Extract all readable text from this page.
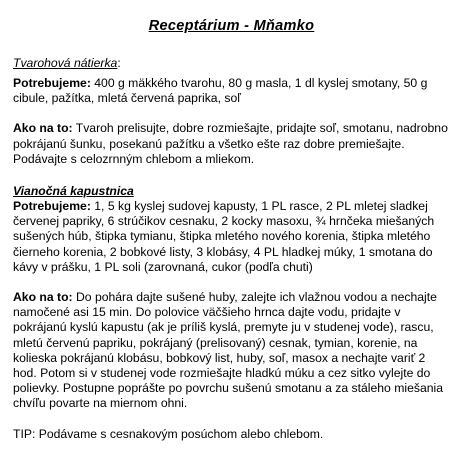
Receptárium - Mňamko
Tvarohová nátierka:

Potrebujeme: 400 g mäkkého tvarohu, 80 g masla, 1 dl kyslej smotany, 50 g cibule, pažítka, mletá červená paprika, soľ

Ako na to: Tvaroh prelisujte, dobre rozmiešajte, pridajte soľ, smotanu, nadrobno pokrájanú šunku, posekanú pažítku a všetko ešte raz dobre premiešajte. Podávajte s celozrnným chlebom a mliekom.

Vianočná kapustnica

Potrebujeme: 1, 5 kg kyslej sudovej kapusty, 1 PL rasce, 2 PL mletej sladkej červenej papriky, 6 strúčikov cesnaku, 2 kocky masoxu, ¾ hrnčeka miešaných sušených húb, štipka tymianu, štipka mletého nového korenia, štipka mletého čierneho korenia, 2 bobkové listy, 3 klobásy, 4 PL hladkej múky, 1 smotana do kávy v prášku, 1 PL soli (zarovnaná, cukor (podľa chuti)

Ako na to: Do pohára dajte sušené huby, zalejte ich vlažnou vodou a nechajte namočené asi 15 min. Do polovice väčšieho hrnca dajte vodu, pridajte v pokrájanú kyslú kapustu (ak je príliš kyslá, premyte ju v studenej vode), rascu, mletú červenú papriku, pokrájaný (prelisovaný) cesnak, tymian, korenie, na kolieska pokrájanú klobásu, bobkový list, huby, soľ, masox a nechajte variť 2 hod. Potom si v studenej vode rozmiešajte hladkú múku a cez sitko vylejte do polievky. Postupne poprášte po povrchu sušenú smotanu a za stáleho miešania chvíľu povarte na miernom ohni.

TIP: Podávame s cesnakovým posúchom alebo chlebom.
